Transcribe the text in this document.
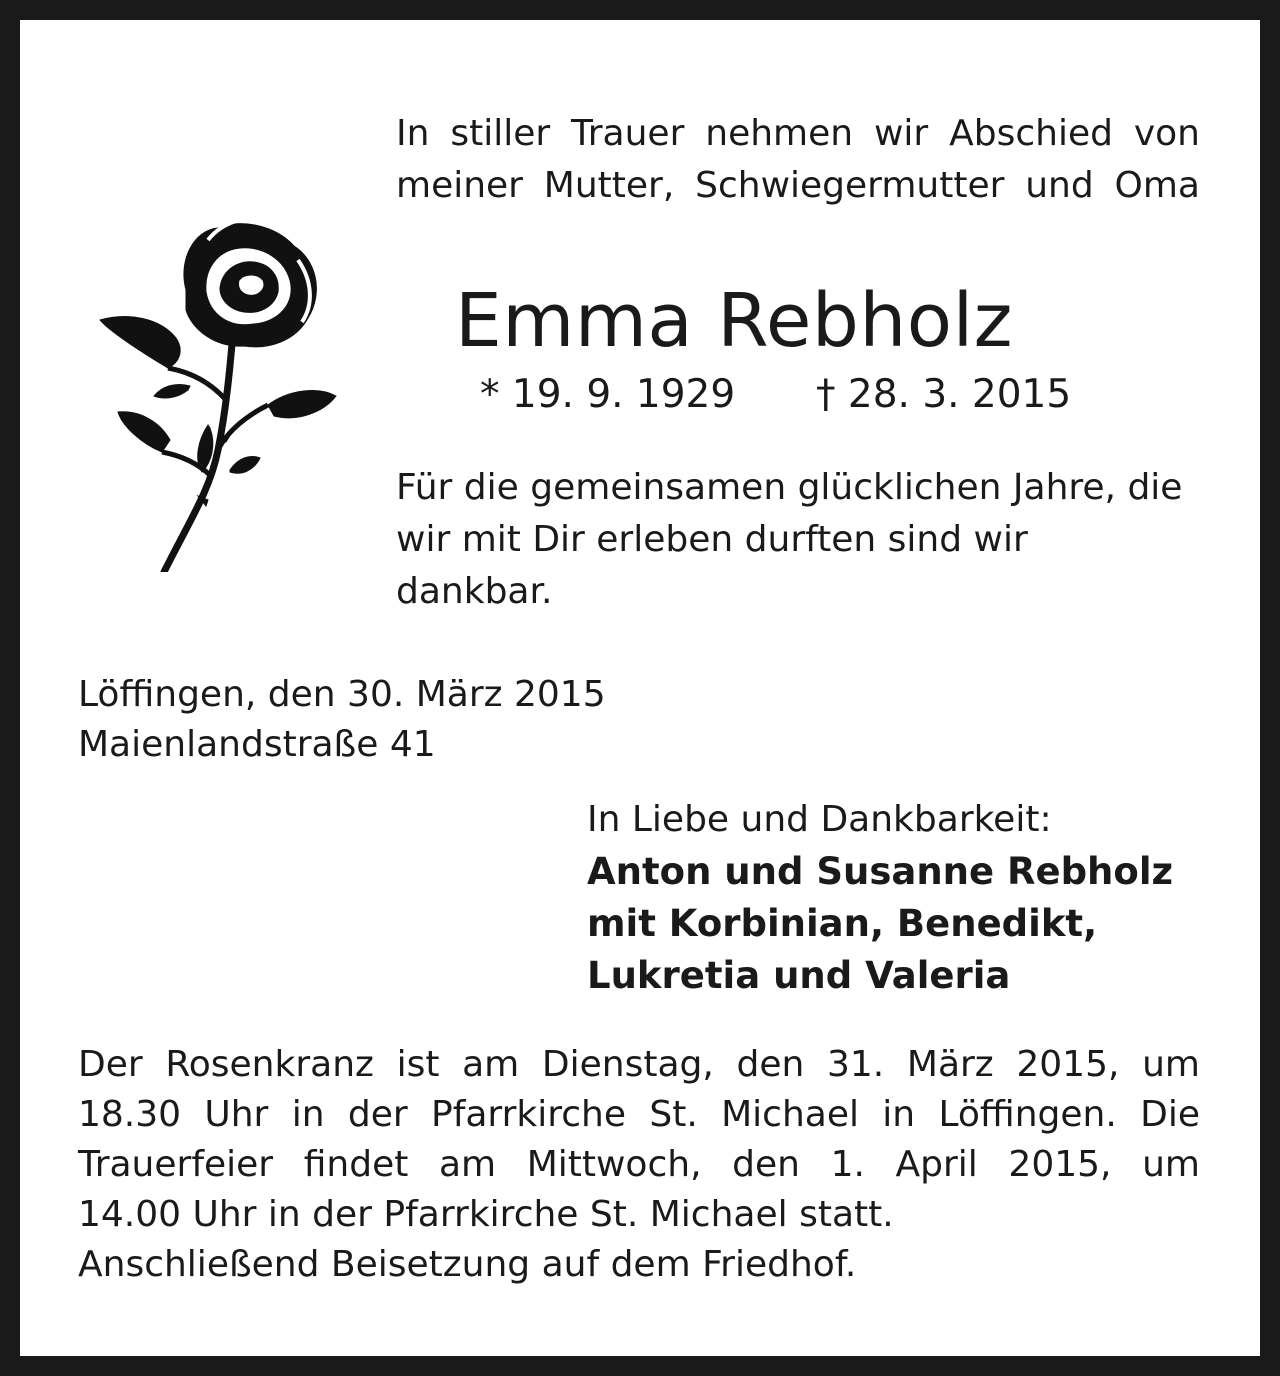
In stiller Trauer nehmen wir Abschied von
meiner Mutter, Schwiegermutter und Oma

Emma Rebholz
* 19. 9. 1929 † 28. 3. 2015

Für die gemeinsamen glücklichen Jahre, die wir mit Dir erleben durften sind wir dankbar.

Löffingen, den 30. März 2015
Maienlandstraße 41
In Liebe und Dankbarkeit:
Anton und Susanne Rebholz
mit Korbinian, Benedikt,
Lukretia und Valeria
Der Rosenkranz ist am Dienstag, den 31. März 2015, um
18.30 Uhr in der Pfarrkirche St. Michael in Löffingen. Die
Trauerfeier findet am Mittwoch, den 1. April 2015, um
14.00 Uhr in der Pfarrkirche St. Michael statt.
Anschließend Beisetzung auf dem Friedhof.
